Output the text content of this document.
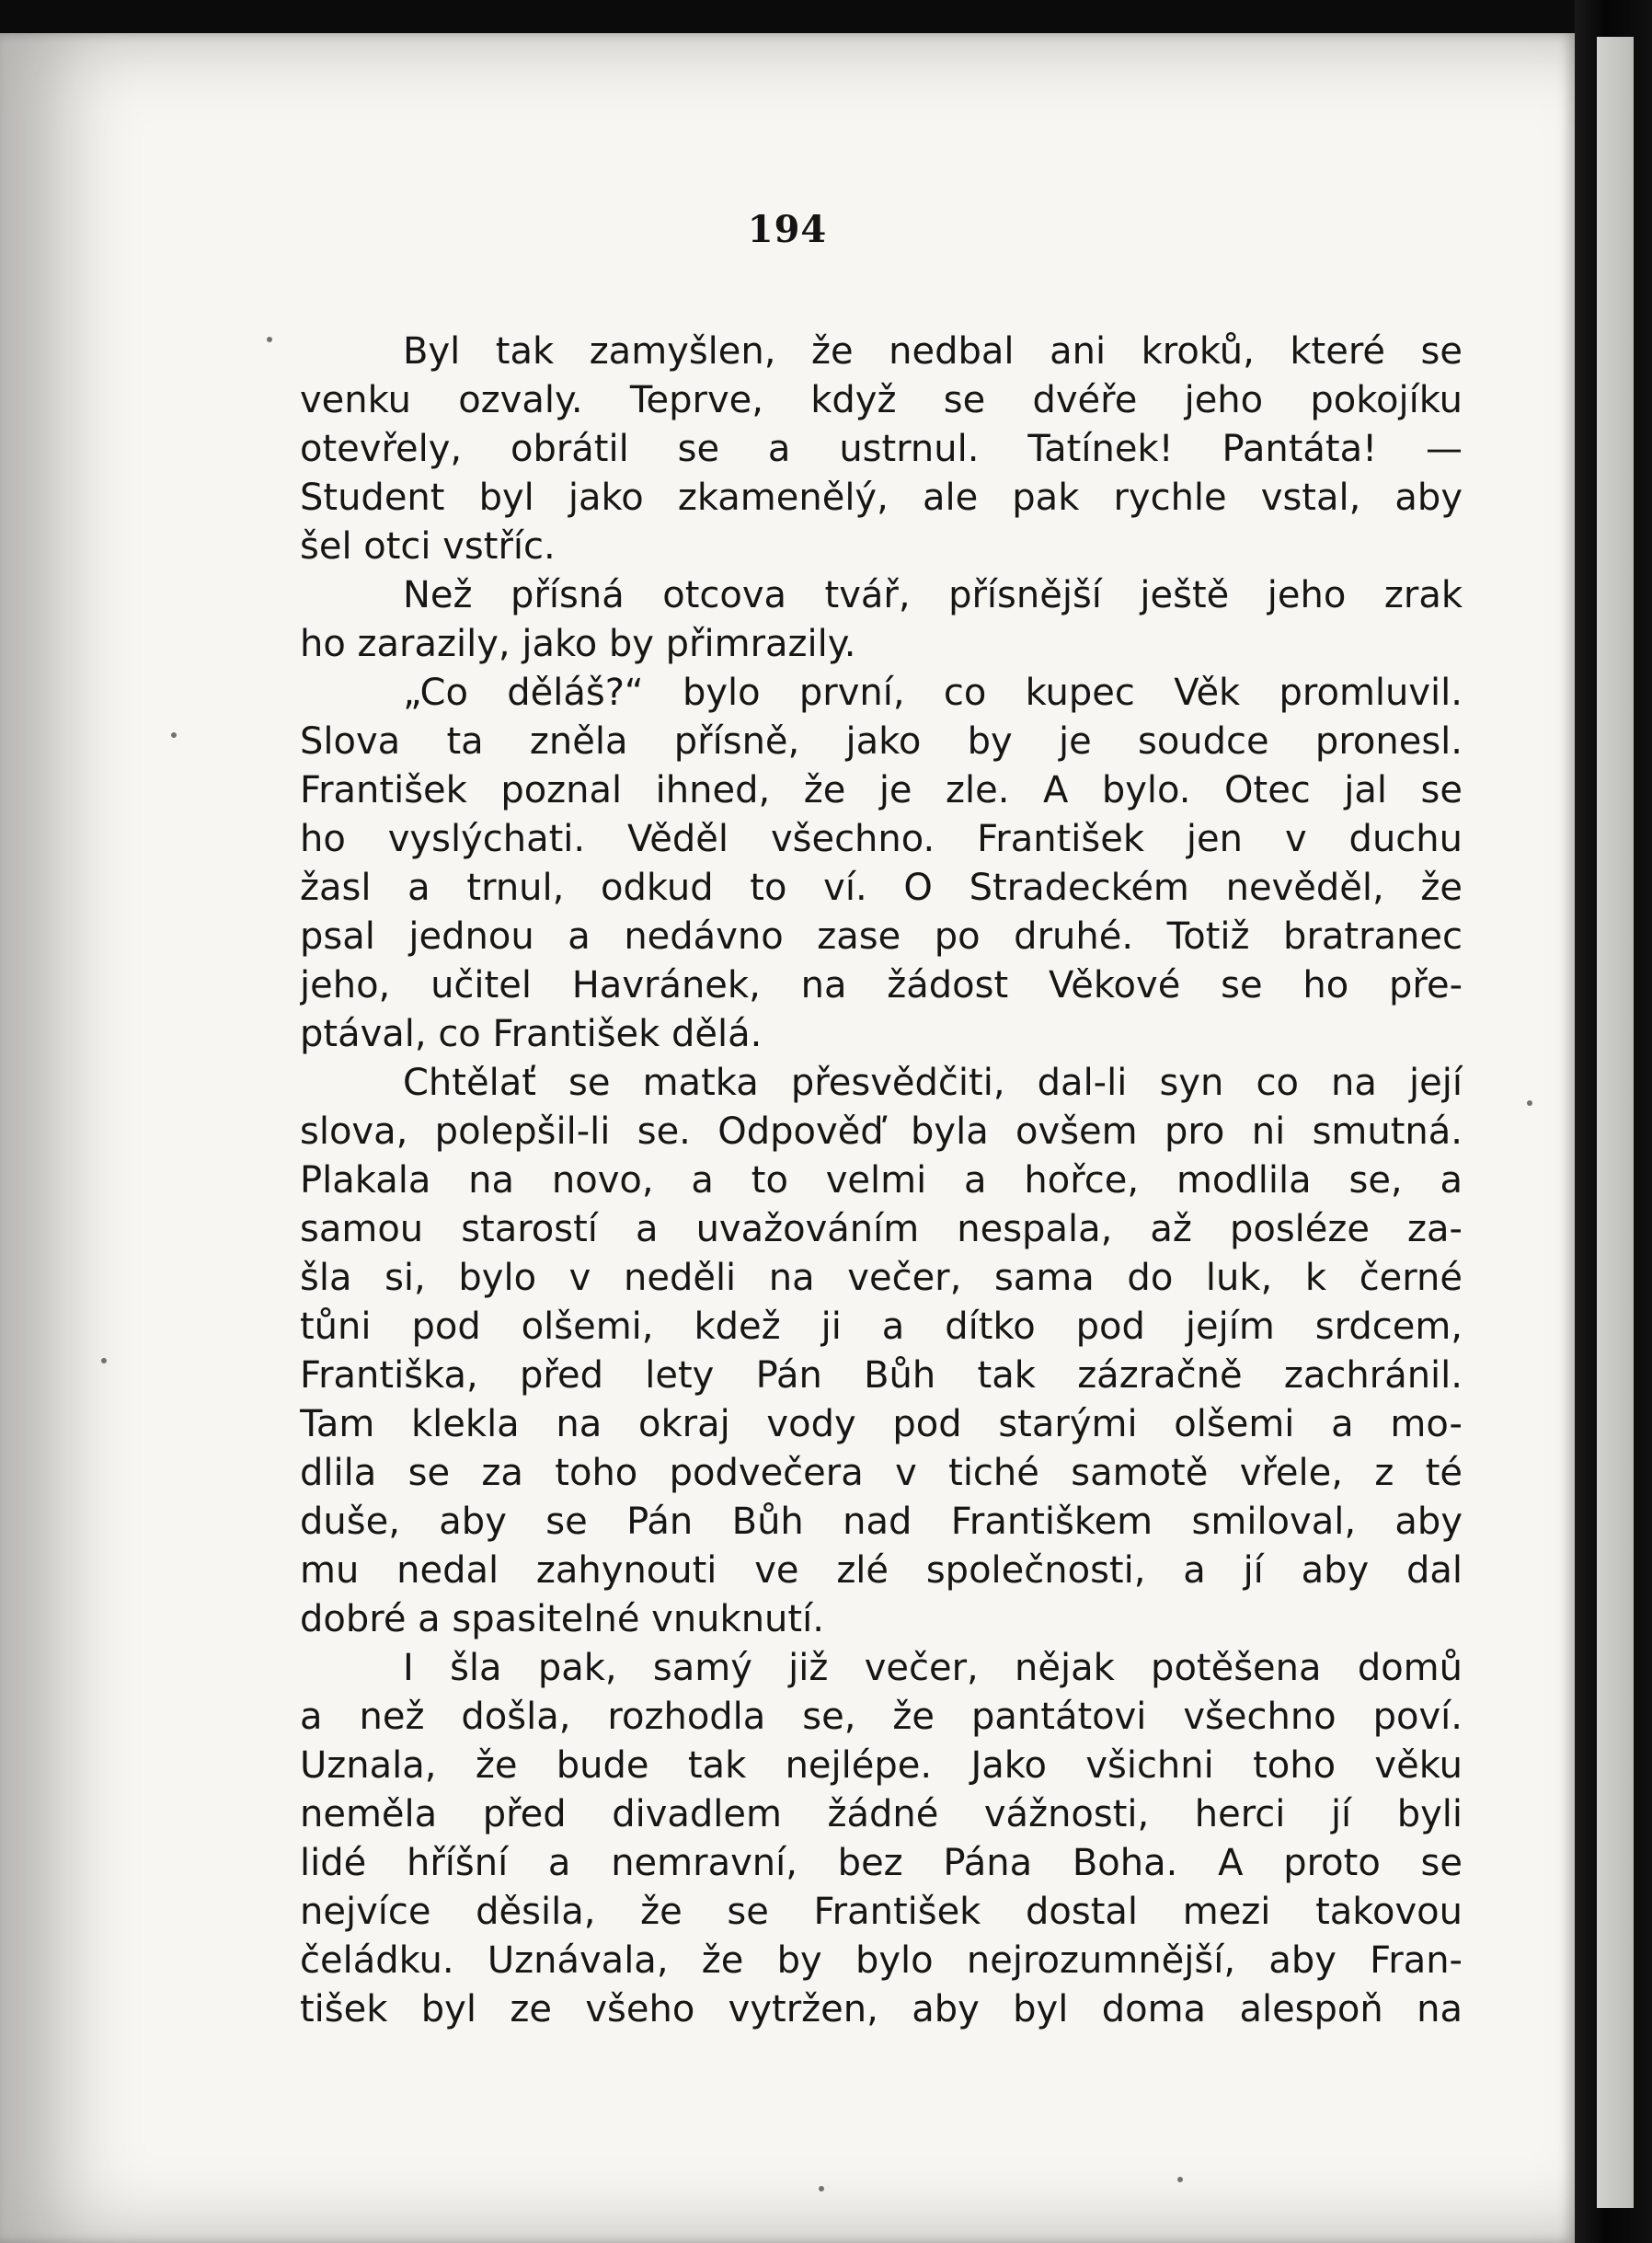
194
Byl tak zamyšlen, že nedbal ani kroků, které se
venku ozvaly. Teprve, když se dvéře jeho pokojíku
otevřely, obrátil se a ustrnul. Tatínek! Pantáta! —
Student byl jako zkamenělý, ale pak rychle vstal, aby
šel otci vstříc.
Než přísná otcova tvář, přísnější ještě jeho zrak
ho zarazily, jako by přimrazily.
„Co děláš?“ bylo první, co kupec Věk promluvil.
Slova ta zněla přísně, jako by je soudce pronesl.
František poznal ihned, že je zle. A bylo. Otec jal se
ho vyslýchati. Věděl všechno. František jen v duchu
žasl a trnul, odkud to ví. O Stradeckém nevěděl, že
psal jednou a nedávno zase po druhé. Totiž bratranec
jeho, učitel Havránek, na žádost Věkové se ho pře-
ptával, co František dělá.
Chtělať se matka přesvědčiti, dal-li syn co na její
slova, polepšil-li se. Odpověď byla ovšem pro ni smutná.
Plakala na novo, a to velmi a hořce, modlila se, a
samou starostí a uvažováním nespala, až posléze za-
šla si, bylo v neděli na večer, sama do luk, k černé
tůni pod olšemi, kdež ji a dítko pod jejím srdcem,
Františka, před lety Pán Bůh tak zázračně zachránil.
Tam klekla na okraj vody pod starými olšemi a mo-
dlila se za toho podvečera v tiché samotě vřele, z té
duše, aby se Pán Bůh nad Františkem smiloval, aby
mu nedal zahynouti ve zlé společnosti, a jí aby dal
dobré a spasitelné vnuknutí.
I šla pak, samý již večer, nějak potěšena domů
a než došla, rozhodla se, že pantátovi všechno poví.
Uznala, že bude tak nejlépe. Jako všichni toho věku
neměla před divadlem žádné vážnosti, herci jí byli
lidé hříšní a nemravní, bez Pána Boha. A proto se
nejvíce děsila, že se František dostal mezi takovou
čeládku. Uznávala, že by bylo nejrozumnější, aby Fran-
tišek byl ze všeho vytržen, aby byl doma alespoň na
